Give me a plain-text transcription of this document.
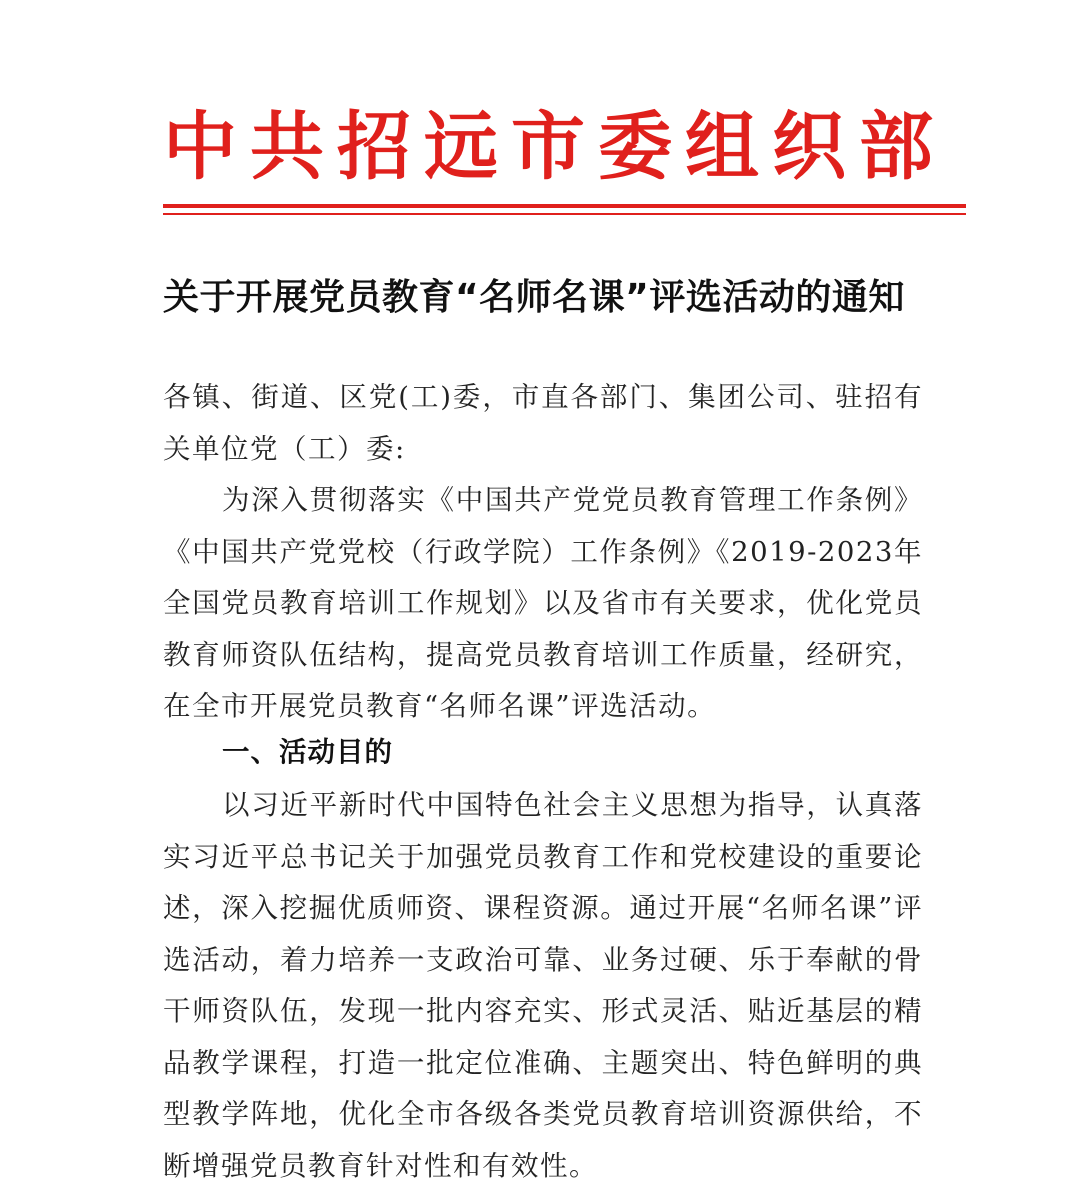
中共招远市委组织部
关于开展党员教育“名师名课”评选活动的通知

各镇、街道、区党(工)委，市直各部门、集团公司、驻招有关单位党（工）委:

为深入贯彻落实《中国共产党党员教育管理工作条例》《中国共产党党校（行政学院）工作条例》《2019-2023年全国党员教育培训工作规划》以及省市有关要求，优化党员教育师资队伍结构，提高党员教育培训工作质量，经研究，在全市开展党员教育“名师名课”评选活动。

一、活动目的

以习近平新时代中国特色社会主义思想为指导，认真落实习近平总书记关于加强党员教育工作和党校建设的重要论述，深入挖掘优质师资、课程资源。通过开展“名师名课”评选活动，着力培养一支政治可靠、业务过硬、乐于奉献的骨干师资队伍，发现一批内容充实、形式灵活、贴近基层的精品教学课程，打造一批定位准确、主题突出、特色鲜明的典型教学阵地，优化全市各级各类党员教育培训资源供给，不断增强党员教育针对性和有效性。
